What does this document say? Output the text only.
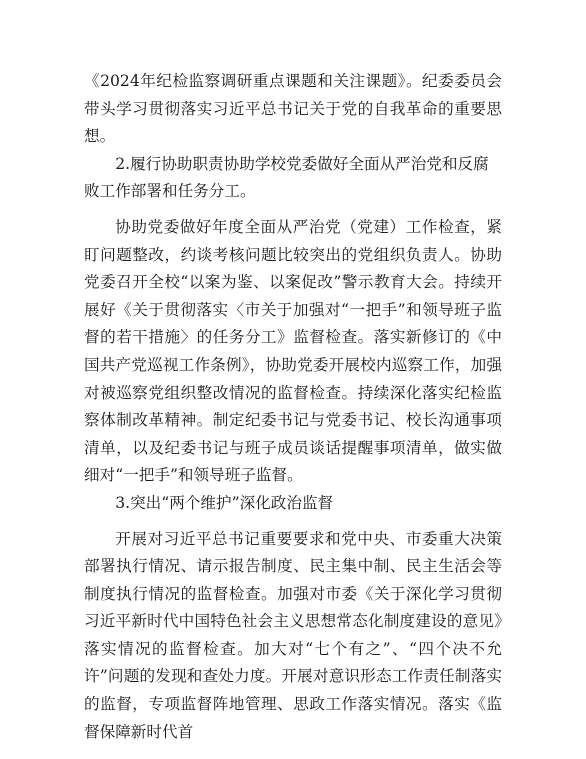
《2024年纪检监察调研重点课题和关注课题》。纪委委员会带头学习贯彻落实习近平总书记关于党的自我革命的重要思想。

2.履行协助职责协助学校党委做好全面从严治党和反腐败工作部署和任务分工。

协助党委做好年度全面从严治党（党建）工作检查，紧盯问题整改，约谈考核问题比较突出的党组织负责人。协助党委召开全校“以案为鉴、以案促改”警示教育大会。持续开展好《关于贯彻落实〈市关于加强对“一把手”和领导班子监督的若干措施〉的任务分工》监督检查。落实新修订的《中国共产党巡视工作条例》，协助党委开展校内巡察工作，加强对被巡察党组织整改情况的监督检查。持续深化落实纪检监察体制改革精神。制定纪委书记与党委书记、校长沟通事项清单，以及纪委书记与班子成员谈话提醒事项清单，做实做细对“一把手”和领导班子监督。

3.突出“两个维护”深化政治监督

开展对习近平总书记重要要求和党中央、市委重大决策部署执行情况、请示报告制度、民主集中制、民主生活会等制度执行情况的监督检查。加强对市委《关于深化学习贯彻习近平新时代中国特色社会主义思想常态化制度建设的意见》落实情况的监督检查。加大对“七个有之”、“四个决不允许”问题的发现和查处力度。开展对意识形态工作责任制落实的监督，专项监督阵地管理、思政工作落实情况。落实《监督保障新时代首
